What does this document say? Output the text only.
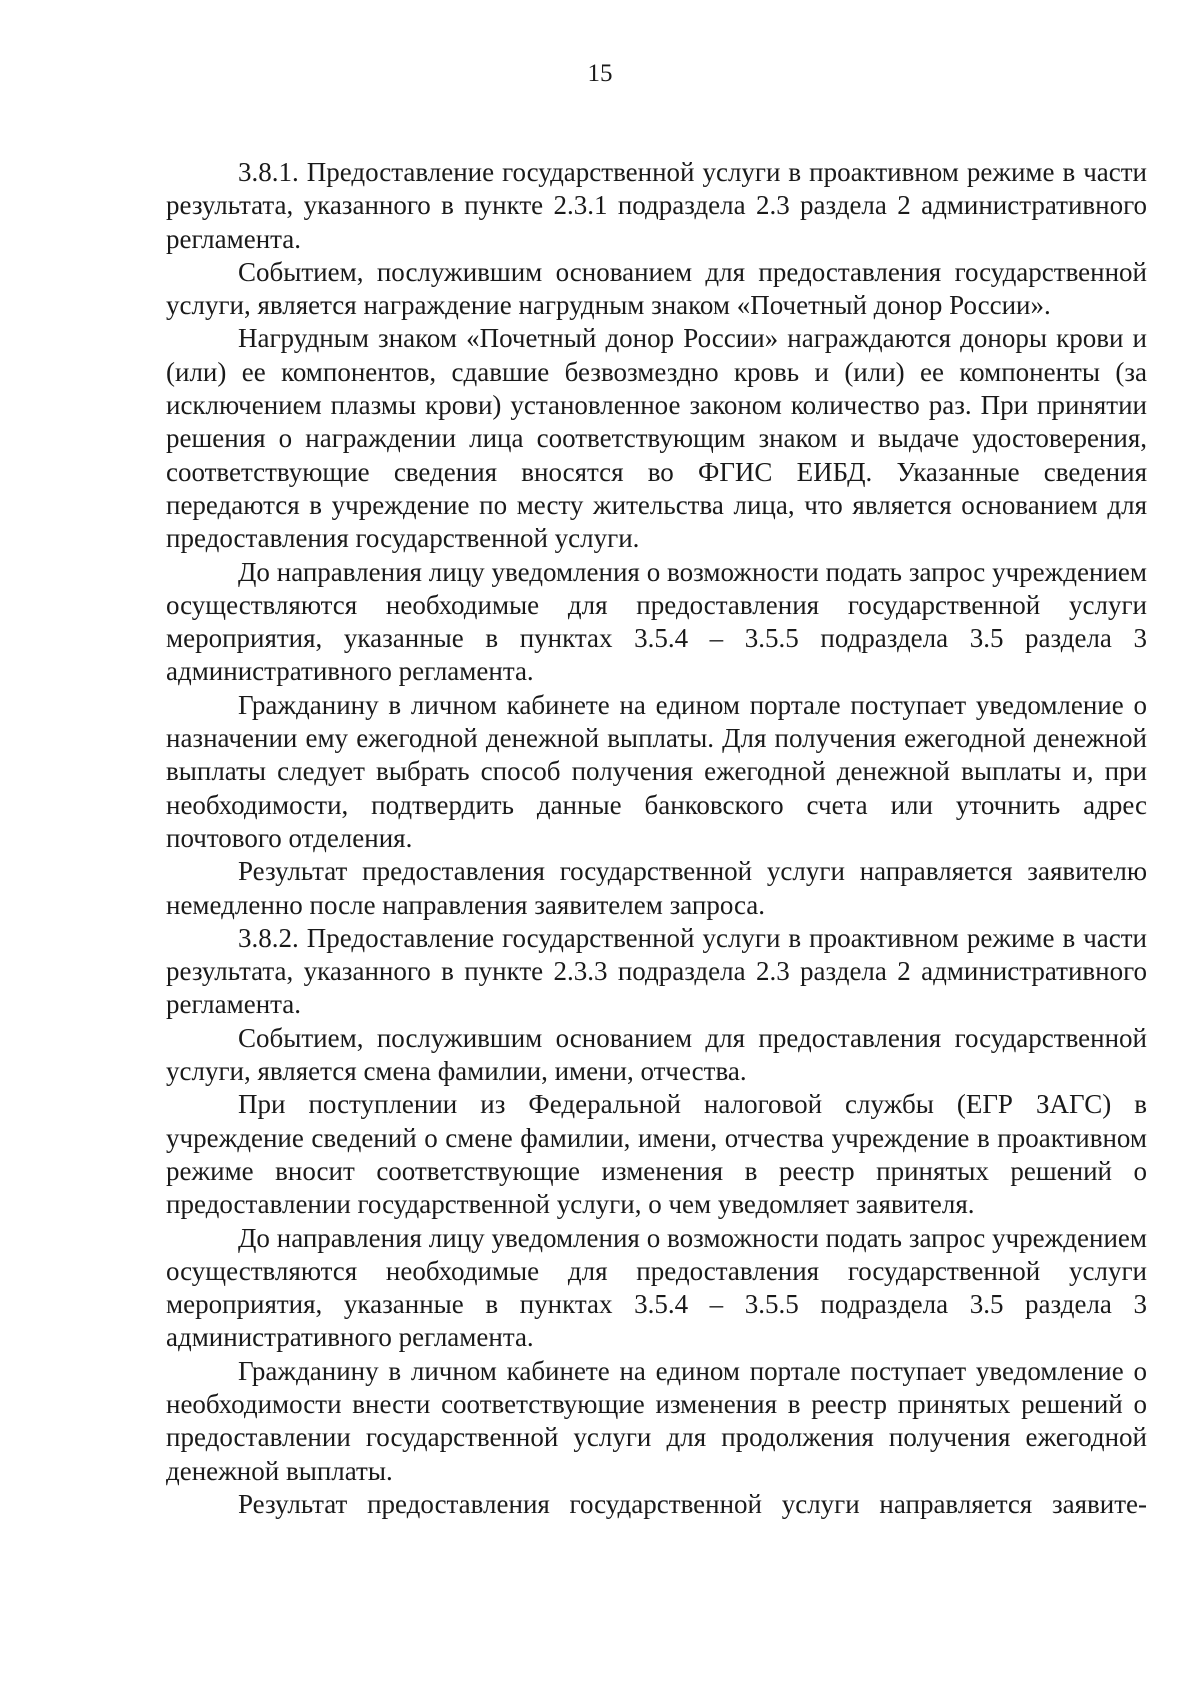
15

3.8.1. Предоставление государственной услуги в проактивном режиме в части результата, указанного в пункте 2.3.1 подраздела 2.3 раздела 2 административного регламента.

Событием, послужившим основанием для предоставления государственной услуги, является награждение нагрудным знаком «Почетный донор России».

Нагрудным знаком «Почетный донор России» награждаются доноры крови и (или) ее компонентов, сдавшие безвозмездно кровь и (или) ее компоненты (за исключением плазмы крови) установленное законом количество раз. При принятии решения о награждении лица соответствующим знаком и выдаче удостоверения, соответствующие сведения вносятся во ФГИС ЕИБД. Указанные сведения передаются в учреждение по месту жительства лица, что является основанием для предоставления государственной услуги.

До направления лицу уведомления о возможности подать запрос учреждением осуществляются необходимые для предоставления государственной услуги мероприятия, указанные в пунктах 3.5.4 – 3.5.5 подраздела 3.5 раздела 3 административного регламента.

Гражданину в личном кабинете на едином портале поступает уведомление о назначении ему ежегодной денежной выплаты. Для получения ежегодной денежной выплаты следует выбрать способ получения ежегодной денежной выплаты и, при необходимости, подтвердить данные банковского счета или уточнить адрес почтового отделения.

Результат предоставления государственной услуги направляется заявителю немедленно после направления заявителем запроса.

3.8.2. Предоставление государственной услуги в проактивном режиме в части результата, указанного в пункте 2.3.3 подраздела 2.3 раздела 2 административного регламента.

Событием, послужившим основанием для предоставления государственной услуги, является смена фамилии, имени, отчества.

При поступлении из Федеральной налоговой службы (ЕГР ЗАГС) в учреждение сведений о смене фамилии, имени, отчества учреждение в проактивном режиме вносит соответствующие изменения в реестр принятых решений о предоставлении государственной услуги, о чем уведомляет заявителя.

До направления лицу уведомления о возможности подать запрос учреждением осуществляются необходимые для предоставления государственной услуги мероприятия, указанные в пунктах 3.5.4 – 3.5.5 подраздела 3.5 раздела 3 административного регламента.

Гражданину в личном кабинете на едином портале поступает уведомление о необходимости внести соответствующие изменения в реестр принятых решений о предоставлении государственной услуги для продолжения получения ежегодной денежной выплаты.

Результат предоставления государственной услуги направляется заявите-
